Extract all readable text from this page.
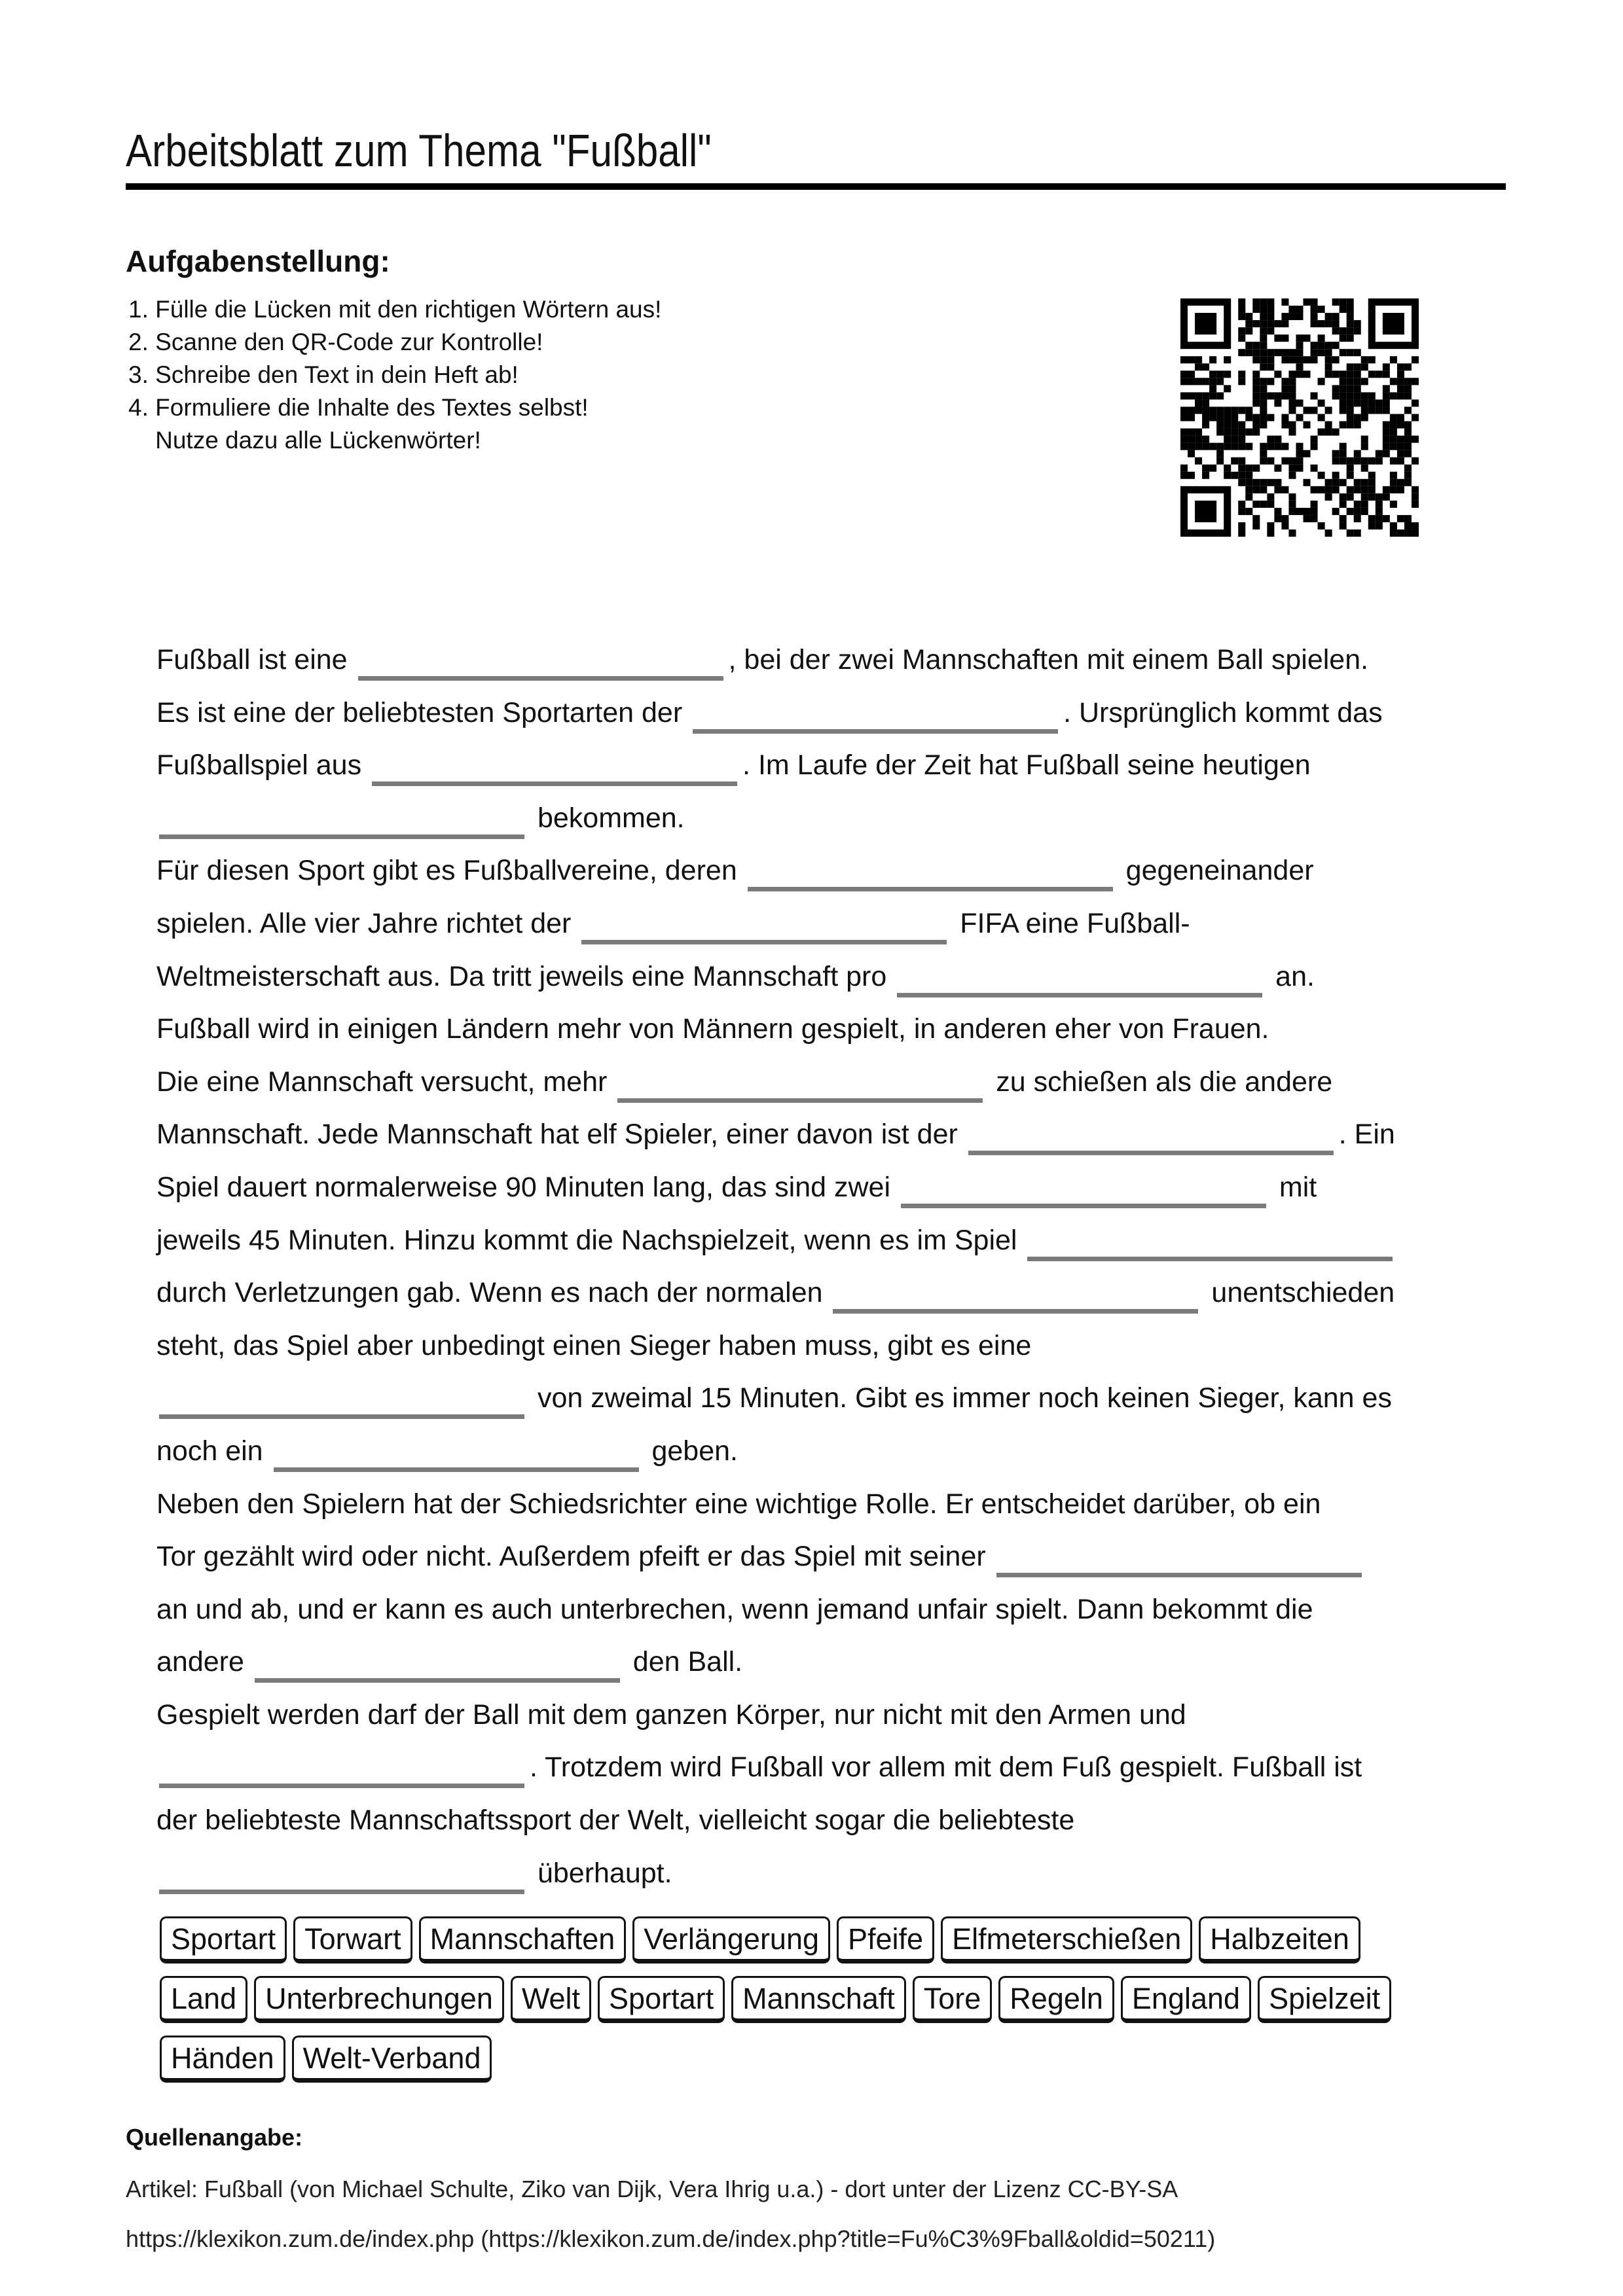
Arbeitsblatt zum Thema "Fußball"
Aufgabenstellung:
1. Fülle die Lücken mit den richtigen Wörtern aus!
2. Scanne den QR-Code zur Kontrolle!
3. Schreibe den Text in dein Heft ab!
4. Formuliere die Inhalte des Textes selbst!
Nutze dazu alle Lückenwörter!
Fußball ist eine	, bei der zwei Mannschaften mit einem Ball spielen.
Es ist eine der beliebtesten Sportarten der	. Ursprünglich kommt das
Fußballspiel aus	. Im Laufe der Zeit hat Fußball seine heutigen
bekommen.
Für diesen Sport gibt es Fußballvereine, deren	gegeneinander
spielen. Alle vier Jahre richtet der	FIFA eine Fußball-
Weltmeisterschaft aus. Da tritt jeweils eine Mannschaft pro	an.
Fußball wird in einigen Ländern mehr von Männern gespielt, in anderen eher von Frauen.
Die eine Mannschaft versucht, mehr	zu schießen als die andere
Mannschaft. Jede Mannschaft hat elf Spieler, einer davon ist der	. Ein
Spiel dauert normalerweise 90 Minuten lang, das sind zwei	mit
jeweils 45 Minuten. Hinzu kommt die Nachspielzeit, wenn es im Spiel
durch Verletzungen gab. Wenn es nach der normalen	unentschieden
steht, das Spiel aber unbedingt einen Sieger haben muss, gibt es eine
von zweimal 15 Minuten. Gibt es immer noch keinen Sieger, kann es
noch ein	geben.
Neben den Spielern hat der Schiedsrichter eine wichtige Rolle. Er entscheidet darüber, ob ein
Tor gezählt wird oder nicht. Außerdem pfeift er das Spiel mit seiner
an und ab, und er kann es auch unterbrechen, wenn jemand unfair spielt. Dann bekommt die
andere	den Ball.
Gespielt werden darf der Ball mit dem ganzen Körper, nur nicht mit den Armen und
. Trotzdem wird Fußball vor allem mit dem Fuß gespielt. Fußball ist
der beliebteste Mannschaftssport der Welt, vielleicht sogar die beliebteste
überhaupt.
Sportart Torwart Mannschaften Verlängerung Pfeife Elfmeterschießen Halbzeiten
Land Unterbrechungen Welt Sportart Mannschaft Tore Regeln England Spielzeit
Händen Welt-Verband
Quellenangabe:
Artikel: Fußball (von Michael Schulte, Ziko van Dijk, Vera Ihrig u.a.) - dort unter der Lizenz CC-BY-SA
https://klexikon.zum.de/index.php (https://klexikon.zum.de/index.php?title=Fu%C3%9Fball&oldid=50211)
